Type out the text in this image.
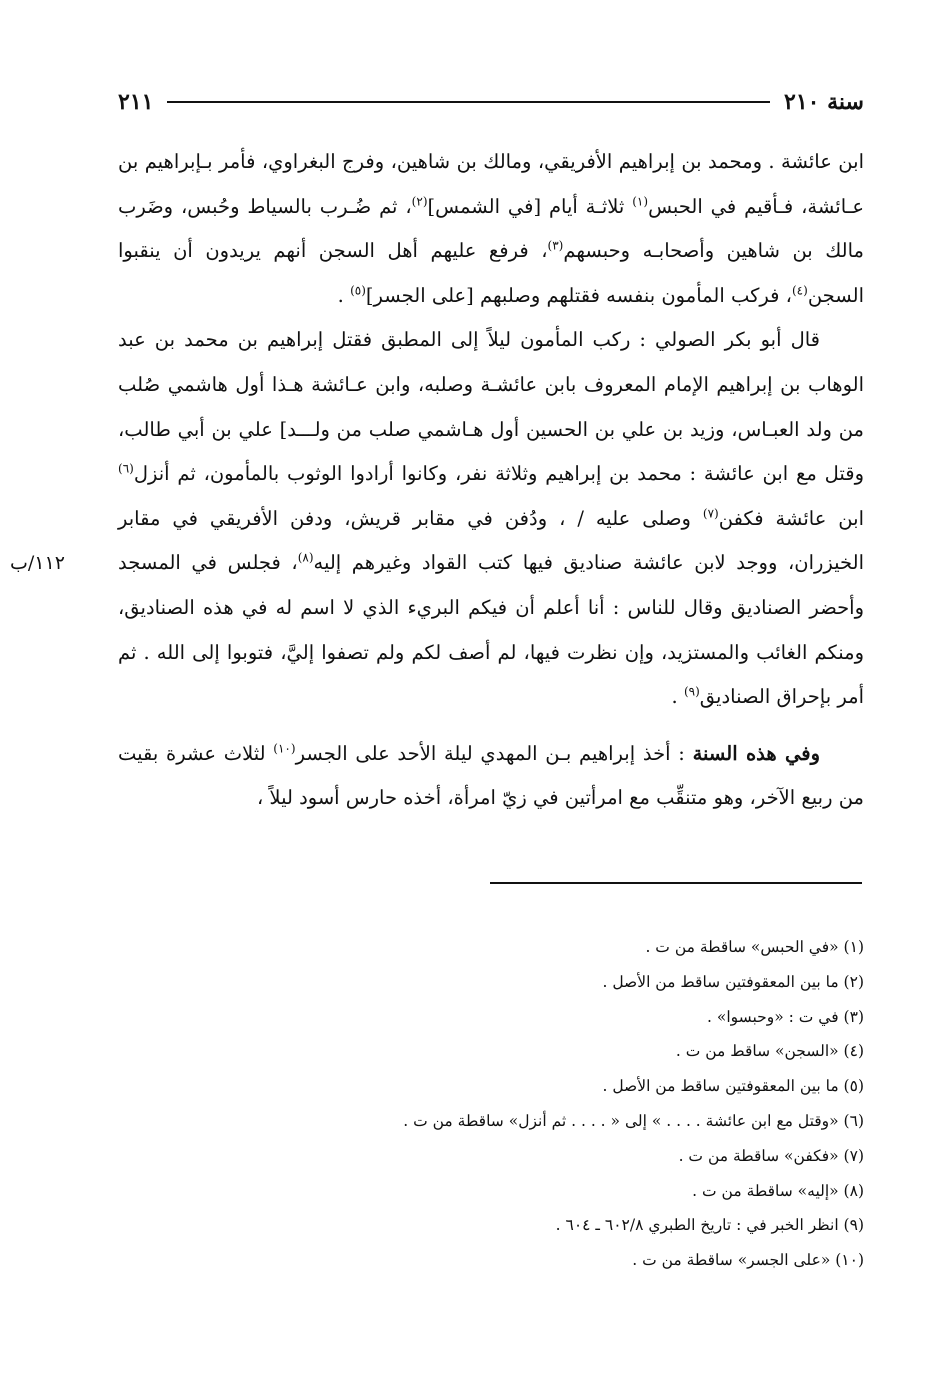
سنة ٢١٠
٢١١
١١٢/ب

ابن عائشة . ومحمد بن إبراهيم الأفريقي، ومالك بن شاهين، وفرج البغراوي، فأمر بـإبراهيم بن عـائشة، فـأقيم في الحبس$^{(١)}$ ثلاثـة أيام [في الشمس]$^{(٢)}$، ثم ضُـرب بالسياط وحُبس، وضَرب مالك بن شاهين وأصحابـه وحبسهم$^{(٣)}$، فرفع عليهم أهل السجن أنهم يريدون أن ينقبوا السجن$^{(٤)}$، فركب المأمون بنفسه فقتلهم وصلبهم [على الجسر]$^{(٥)}$ .

قال أبو بكر الصولي : ركب المأمون ليلاً إلى المطبق فقتل إبراهيم بن محمد بن عبد الوهاب بن إبراهيم الإمام المعروف بابن عائشـة وصلبه، وابن عـائشة هـذا أول هاشمي صُلب من ولد العبـاس، وزيد بن علي بن الحسين أول هـاشمي صلب من ولـــد] علي بن أبي طالب، وقتل مع ابن عائشة : محمد بن إبراهيم وثلاثة نفر، وكانوا أرادوا الوثوب بالمأمون، ثم أنزل$^{(٦)}$ ابن عائشة فكفن$^{(٧)}$ وصلى عليه / ، ودُفن في مقابر قريش، ودفن الأفريقي في مقابر الخيزران، ووجد لابن عائشة صناديق فيها كتب القواد وغيرهم إليه$^{(٨)}$، فجلس في المسجد وأحضر الصناديق وقال للناس : أنا أعلم أن فيكم البريء الذي لا اسم له في هذه الصناديق، ومنكم الغائب والمستزيد، وإن نظرت فيها، لم أصف لكم ولم تصفوا إليَّ، فتوبوا إلى الله . ثم أمر بإحراق الصناديق$^{(٩)}$ .

وفي هذه السنة : أخذ إبراهيم بـن المهدي ليلة الأحد على الجسر$^{(١٠)}$ لثلاث عشرة بقيت من ربيع الآخر، وهو متنقِّب مع امرأتين في زيّ امرأة، أخذه حارس أسود ليلاً ،

(١) «في الحبس» ساقطة من ت .
(٢) ما بين المعقوفتين ساقط من الأصل .
(٣) في ت : «وحبسوا» .
(٤) «السجن» ساقط من ت .
(٥) ما بين المعقوفتين ساقط من الأصل .
(٦) «وقتل مع ابن عائشة . . . . » إلى « . . . . ثم أنزل» ساقطة من ت .
(٧) «فكفن» ساقطة من ت .
(٨) «إليه» ساقطة من ت .
(٩) انظر الخبر في : تاريخ الطبري ٦٠٢/٨ ـ ٦٠٤ .
(١٠) «على الجسر» ساقطة من ت .
